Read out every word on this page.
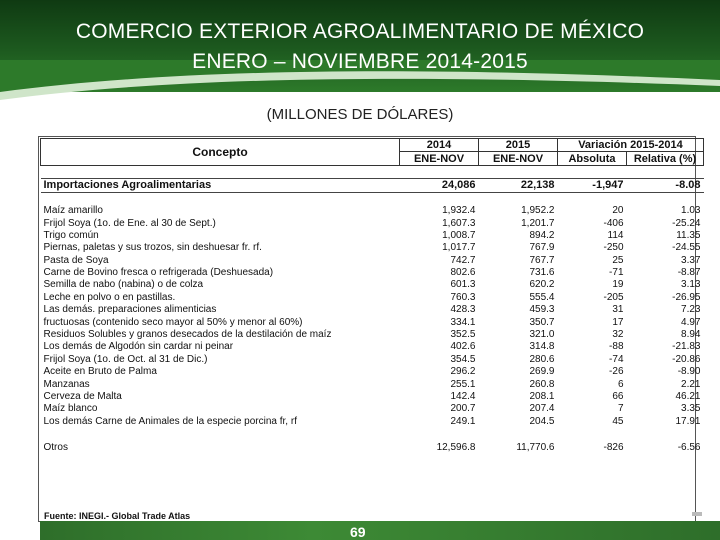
COMERCIO EXTERIOR AGROALIMENTARIO DE MÉXICO
ENERO – NOVIEMBRE 2014-2015
(MILLONES DE DÓLARES)
Concepto	2014	2015	Variación 2015-2014	
	ENE-NOV	ENE-NOV	Absoluta	Relativa (%)

Importaciones Agroalimentarias	24,086	22,138	-1,947	-8.08

Maíz amarillo	1,932.4	1,952.2	20	1.03
Frijol Soya (1o. de Ene. al 30 de Sept.)	1,607.3	1,201.7	-406	-25.24
Trigo común	1,008.7	894.2	114	11.35
Piernas, paletas y sus trozos, sin deshuesar fr. rf.	1,017.7	767.9	-250	-24.55
Pasta de Soya	742.7	767.7	25	3.37
Carne de Bovino fresca o refrigerada (Deshuesada)	802.6	731.6	-71	-8.87
Semilla de nabo (nabina) o de colza	601.3	620.2	19	3.13
Leche en polvo o en pastillas.	760.3	555.4	-205	-26.95
Las demás. preparaciones alimenticias	428.3	459.3	31	7.23
fructuosas (contenido seco mayor al 50% y menor al 60%)	334.1	350.7	17	4.97
Residuos Solubles y granos desecados de la destilación de maíz	352.5	321.0	32	8.94
Los demás de Algodón sin cardar ni peinar	402.6	314.8	-88	-21.83
Frijol Soya (1o. de Oct. al 31 de Dic.)	354.5	280.6	-74	-20.86
Aceite en Bruto de Palma	296.2	269.9	-26	-8.90
Manzanas	255.1	260.8	6	2.21
Cerveza de Malta	142.4	208.1	66	46.21
Maíz blanco	200.7	207.4	7	3.35
Los demás Carne de Animales de la especie porcina fr, rf	249.1	204.5	45	17.91

Otros	12,596.8	11,770.6	-826	-6.56
Fuente: INEGI.- Global Trade Atlas
69
